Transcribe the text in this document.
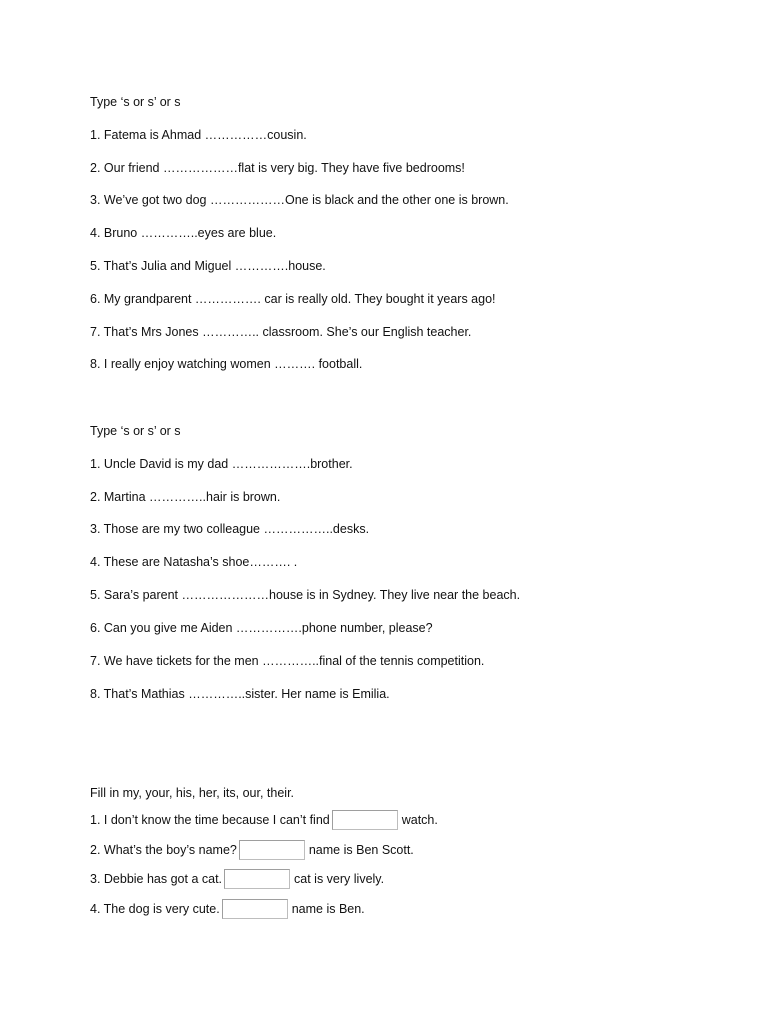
Type ‘s or s’ or s
1. Fatema is Ahmad ……………cousin.
2. Our friend ………………flat is very big. They have five bedrooms!
3. We’ve got two dog ………………One is black and the other one is brown.
4. Bruno …………..eyes are blue.
5. That’s Julia and Miguel ………….house.
6. My grandparent ……………. car is really old. They bought it years ago!
7. That’s Mrs Jones ………….. classroom. She’s our English teacher.
8. I really enjoy watching women ………. football.
Type ‘s or s’ or s
1. Uncle David is my dad ……………….brother.
2. Martina …………..hair is brown.
3. Those are my two colleague ……………..desks.
4. These are Natasha’s shoe………. .
5. Sara’s parent …………………house is in Sydney. They live near the beach.
6. Can you give me Aiden …………….phone number, please?
7. We have tickets for the men …………..final of the tennis competition.
8. That’s Mathias …………..sister. Her name is Emilia.
Fill in my, your, his, her, its, our, their.
1. I don’t know the time because I can’t find	watch.
2. What’s the boy’s name?	name is Ben Scott.
3. Debbie has got a cat.	cat is very lively.
4. The dog is very cute.	name is Ben.
